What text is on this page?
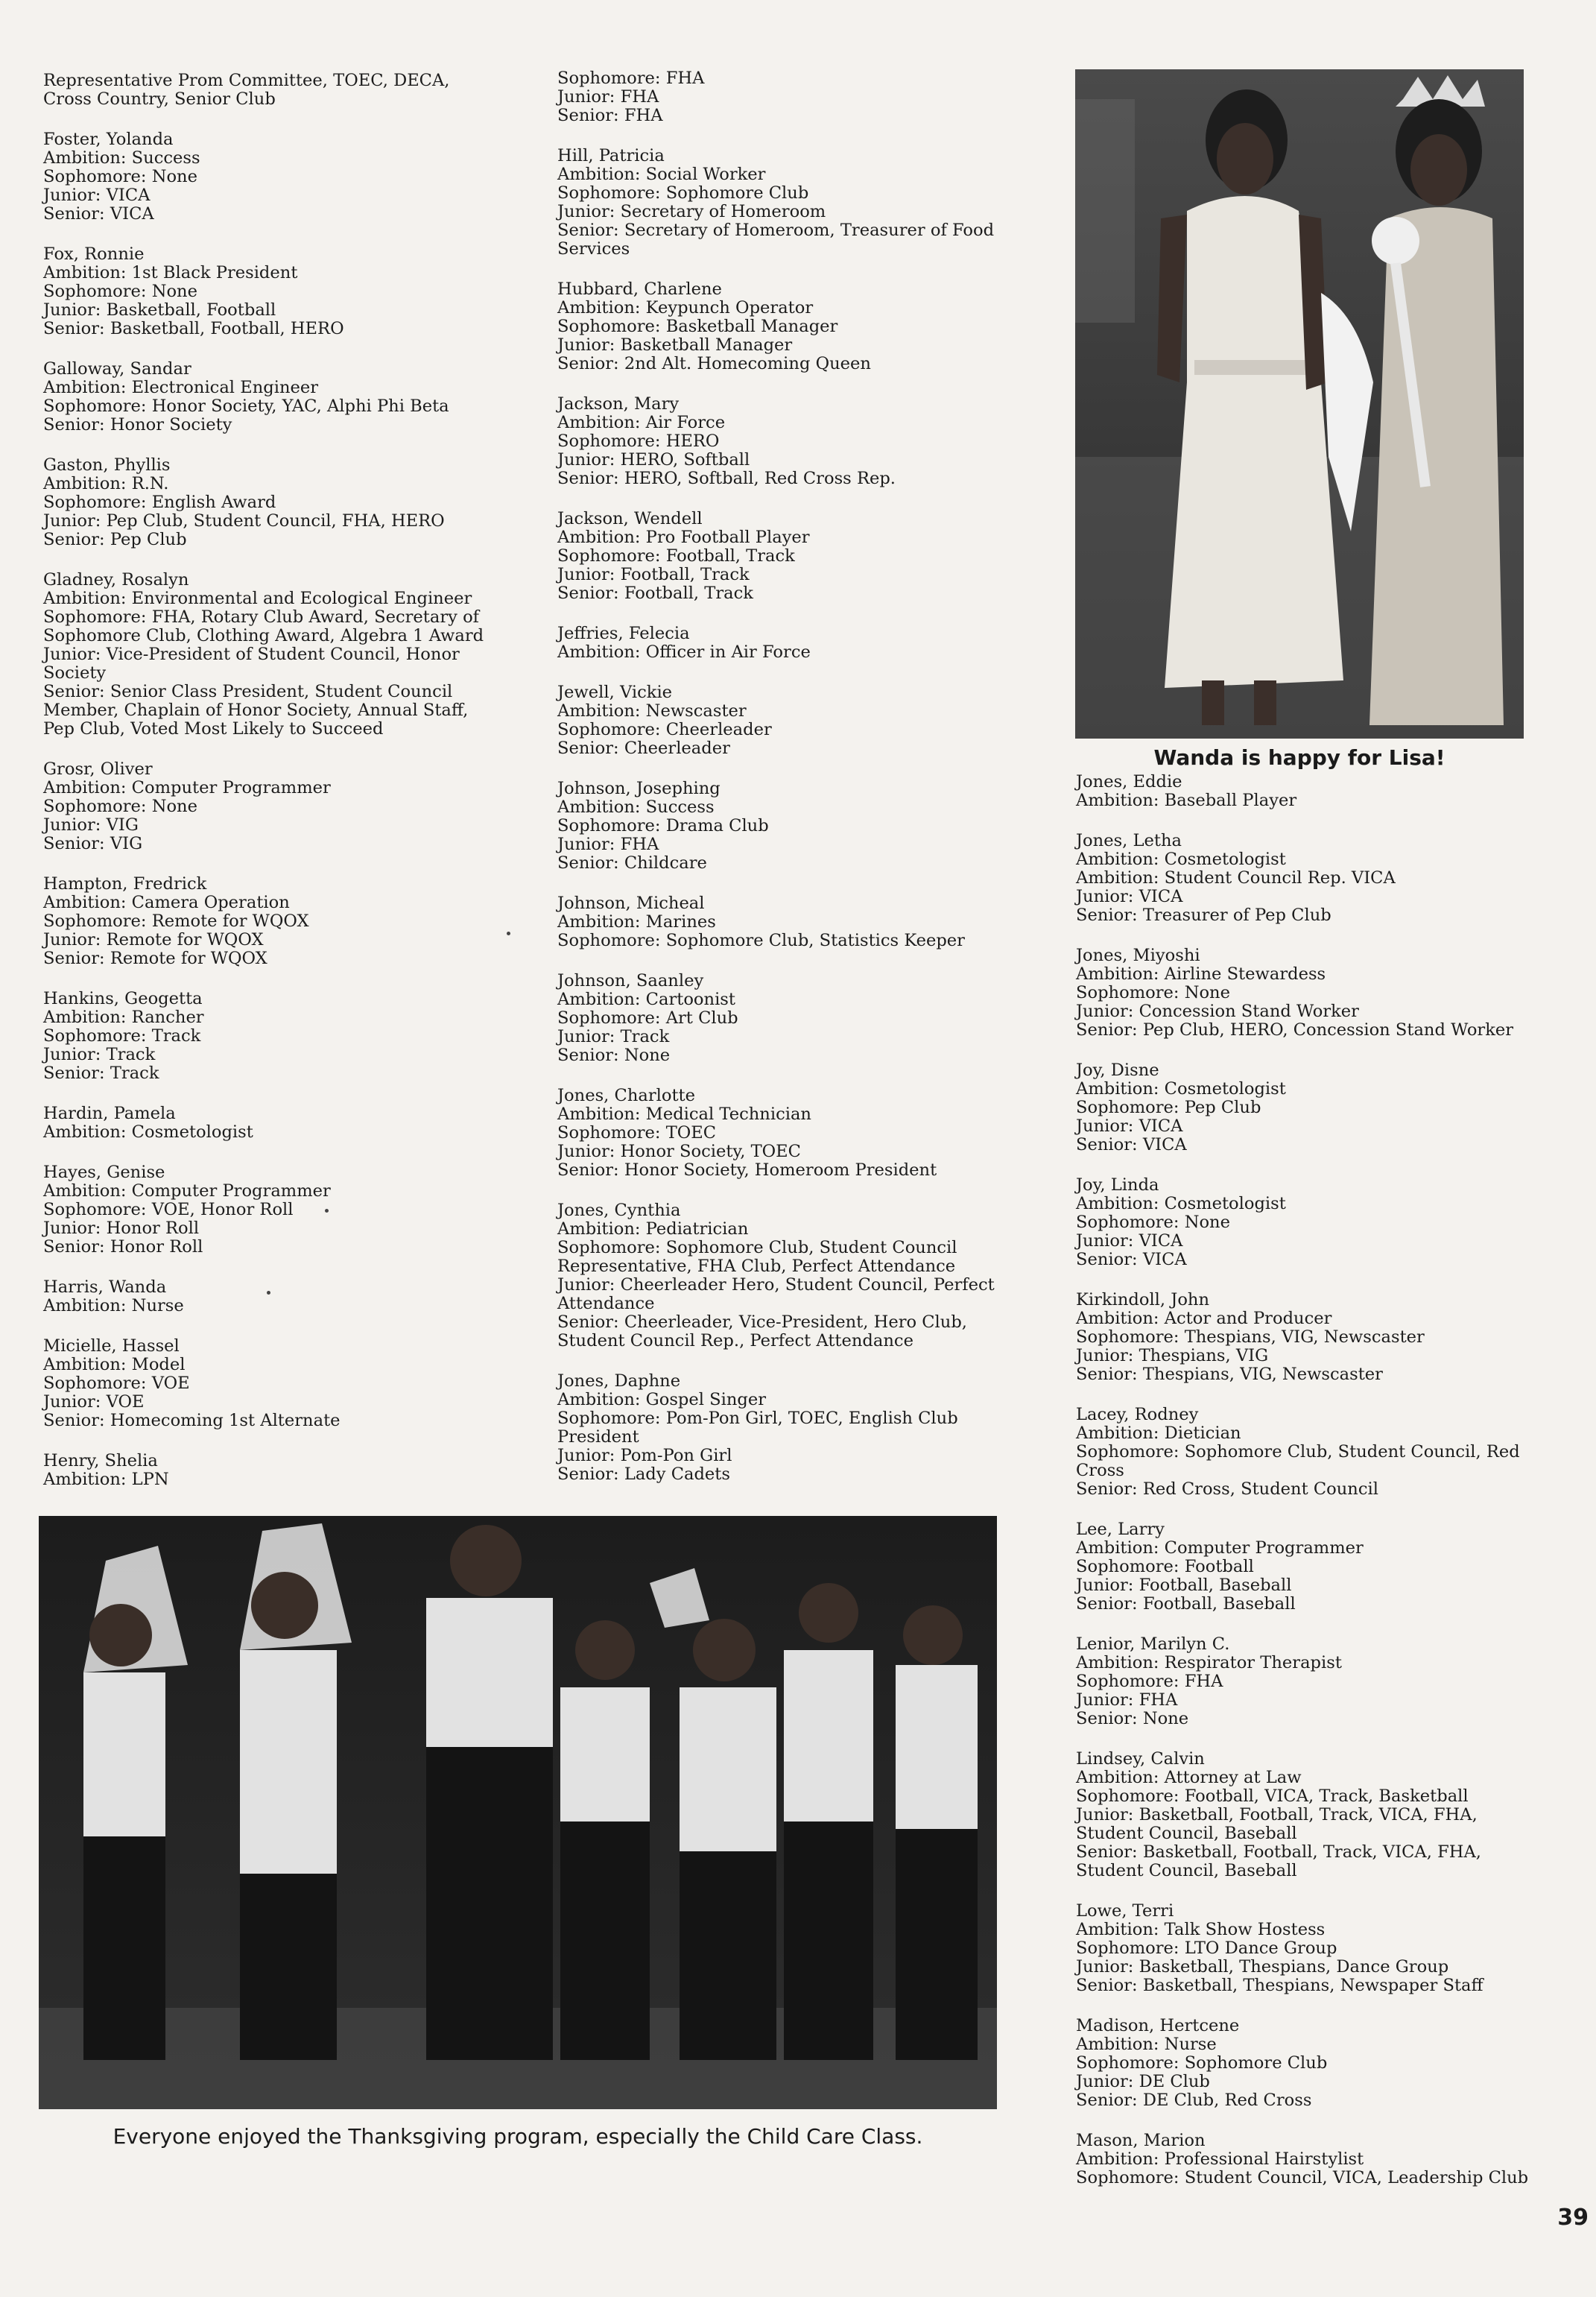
Representative Prom Committee, TOEC, DECA,
Cross Country, Senior Club
Foster, Yolanda
Ambition: Success
Sophomore: None
Junior: VICA
Senior: VICA
Fox, Ronnie
Ambition: 1st Black President
Sophomore: None
Junior: Basketball, Football
Senior: Basketball, Football, HERO
Galloway, Sandar
Ambition: Electronical Engineer
Sophomore: Honor Society, YAC, Alphi Phi Beta
Senior: Honor Society
Gaston, Phyllis
Ambition: R.N.
Sophomore: English Award
Junior: Pep Club, Student Council, FHA, HERO
Senior: Pep Club
Gladney, Rosalyn
Ambition: Environmental and Ecological Engineer
Sophomore: FHA, Rotary Club Award, Secretary of
Sophomore Club, Clothing Award, Algebra 1 Award
Junior: Vice-President of Student Council, Honor
Society
Senior: Senior Class President, Student Council
Member, Chaplain of Honor Society, Annual Staff,
Pep Club, Voted Most Likely to Succeed
Grosr, Oliver
Ambition: Computer Programmer
Sophomore: None
Junior: VIG
Senior: VIG
Hampton, Fredrick
Ambition: Camera Operation
Sophomore: Remote for WQOX
Junior: Remote for WQOX
Senior: Remote for WQOX
Hankins, Geogetta
Ambition: Rancher
Sophomore: Track
Junior: Track
Senior: Track
Hardin, Pamela
Ambition: Cosmetologist
Hayes, Genise
Ambition: Computer Programmer
Sophomore: VOE, Honor Roll
Junior: Honor Roll
Senior: Honor Roll
Harris, Wanda
Ambition: Nurse
Micielle, Hassel
Ambition: Model
Sophomore: VOE
Junior: VOE
Senior: Homecoming 1st Alternate
Henry, Shelia
Ambition: LPN
Sophomore: FHA
Junior: FHA
Senior: FHA
Hill, Patricia
Ambition: Social Worker
Sophomore: Sophomore Club
Junior: Secretary of Homeroom
Senior: Secretary of Homeroom, Treasurer of Food
Services
Hubbard, Charlene
Ambition: Keypunch Operator
Sophomore: Basketball Manager
Junior: Basketball Manager
Senior: 2nd Alt. Homecoming Queen
Jackson, Mary
Ambition: Air Force
Sophomore: HERO
Junior: HERO, Softball
Senior: HERO, Softball, Red Cross Rep.
Jackson, Wendell
Ambition: Pro Football Player
Sophomore: Football, Track
Junior: Football, Track
Senior: Football, Track
Jeffries, Felecia
Ambition: Officer in Air Force
Jewell, Vickie
Ambition: Newscaster
Sophomore: Cheerleader
Senior: Cheerleader
Johnson, Josephing
Ambition: Success
Sophomore: Drama Club
Junior: FHA
Senior: Childcare
Johnson, Micheal
Ambition: Marines
Sophomore: Sophomore Club, Statistics Keeper
Johnson, Saanley
Ambition: Cartoonist
Sophomore: Art Club
Junior: Track
Senior: None
Jones, Charlotte
Ambition: Medical Technician
Sophomore: TOEC
Junior: Honor Society, TOEC
Senior: Honor Society, Homeroom President
Jones, Cynthia
Ambition: Pediatrician
Sophomore: Sophomore Club, Student Council
Representative, FHA Club, Perfect Attendance
Junior: Cheerleader Hero, Student Council, Perfect
Attendance
Senior: Cheerleader, Vice-President, Hero Club,
Student Council Rep., Perfect Attendance
Jones, Daphne
Ambition: Gospel Singer
Sophomore: Pom-Pon Girl, TOEC, English Club
President
Junior: Pom-Pon Girl
Senior: Lady Cadets
Wanda is happy for Lisa!
Jones, Eddie
Ambition: Baseball Player
Jones, Letha
Ambition: Cosmetologist
Ambition: Student Council Rep. VICA
Junior: VICA
Senior: Treasurer of Pep Club
Jones, Miyoshi
Ambition: Airline Stewardess
Sophomore: None
Junior: Concession Stand Worker
Senior: Pep Club, HERO, Concession Stand Worker
Joy, Disne
Ambition: Cosmetologist
Sophomore: Pep Club
Junior: VICA
Senior: VICA
Joy, Linda
Ambition: Cosmetologist
Sophomore: None
Junior: VICA
Senior: VICA
Kirkindoll, John
Ambition: Actor and Producer
Sophomore: Thespians, VIG, Newscaster
Junior: Thespians, VIG
Senior: Thespians, VIG, Newscaster
Lacey, Rodney
Ambition: Dietician
Sophomore: Sophomore Club, Student Council, Red
Cross
Senior: Red Cross, Student Council
Lee, Larry
Ambition: Computer Programmer
Sophomore: Football
Junior: Football, Baseball
Senior: Football, Baseball
Lenior, Marilyn C.
Ambition: Respirator Therapist
Sophomore: FHA
Junior: FHA
Senior: None
Lindsey, Calvin
Ambition: Attorney at Law
Sophomore: Football, VICA, Track, Basketball
Junior: Basketball, Football, Track, VICA, FHA,
Student Council, Baseball
Senior: Basketball, Football, Track, VICA, FHA,
Student Council, Baseball
Lowe, Terri
Ambition: Talk Show Hostess
Sophomore: LTO Dance Group
Junior: Basketball, Thespians, Dance Group
Senior: Basketball, Thespians, Newspaper Staff
Madison, Hertcene
Ambition: Nurse
Sophomore: Sophomore Club
Junior: DE Club
Senior: DE Club, Red Cross
Mason, Marion
Ambition: Professional Hairstylist
Sophomore: Student Council, VICA, Leadership Club
Everyone enjoyed the Thanksgiving program, especially the Child Care Class.
39
